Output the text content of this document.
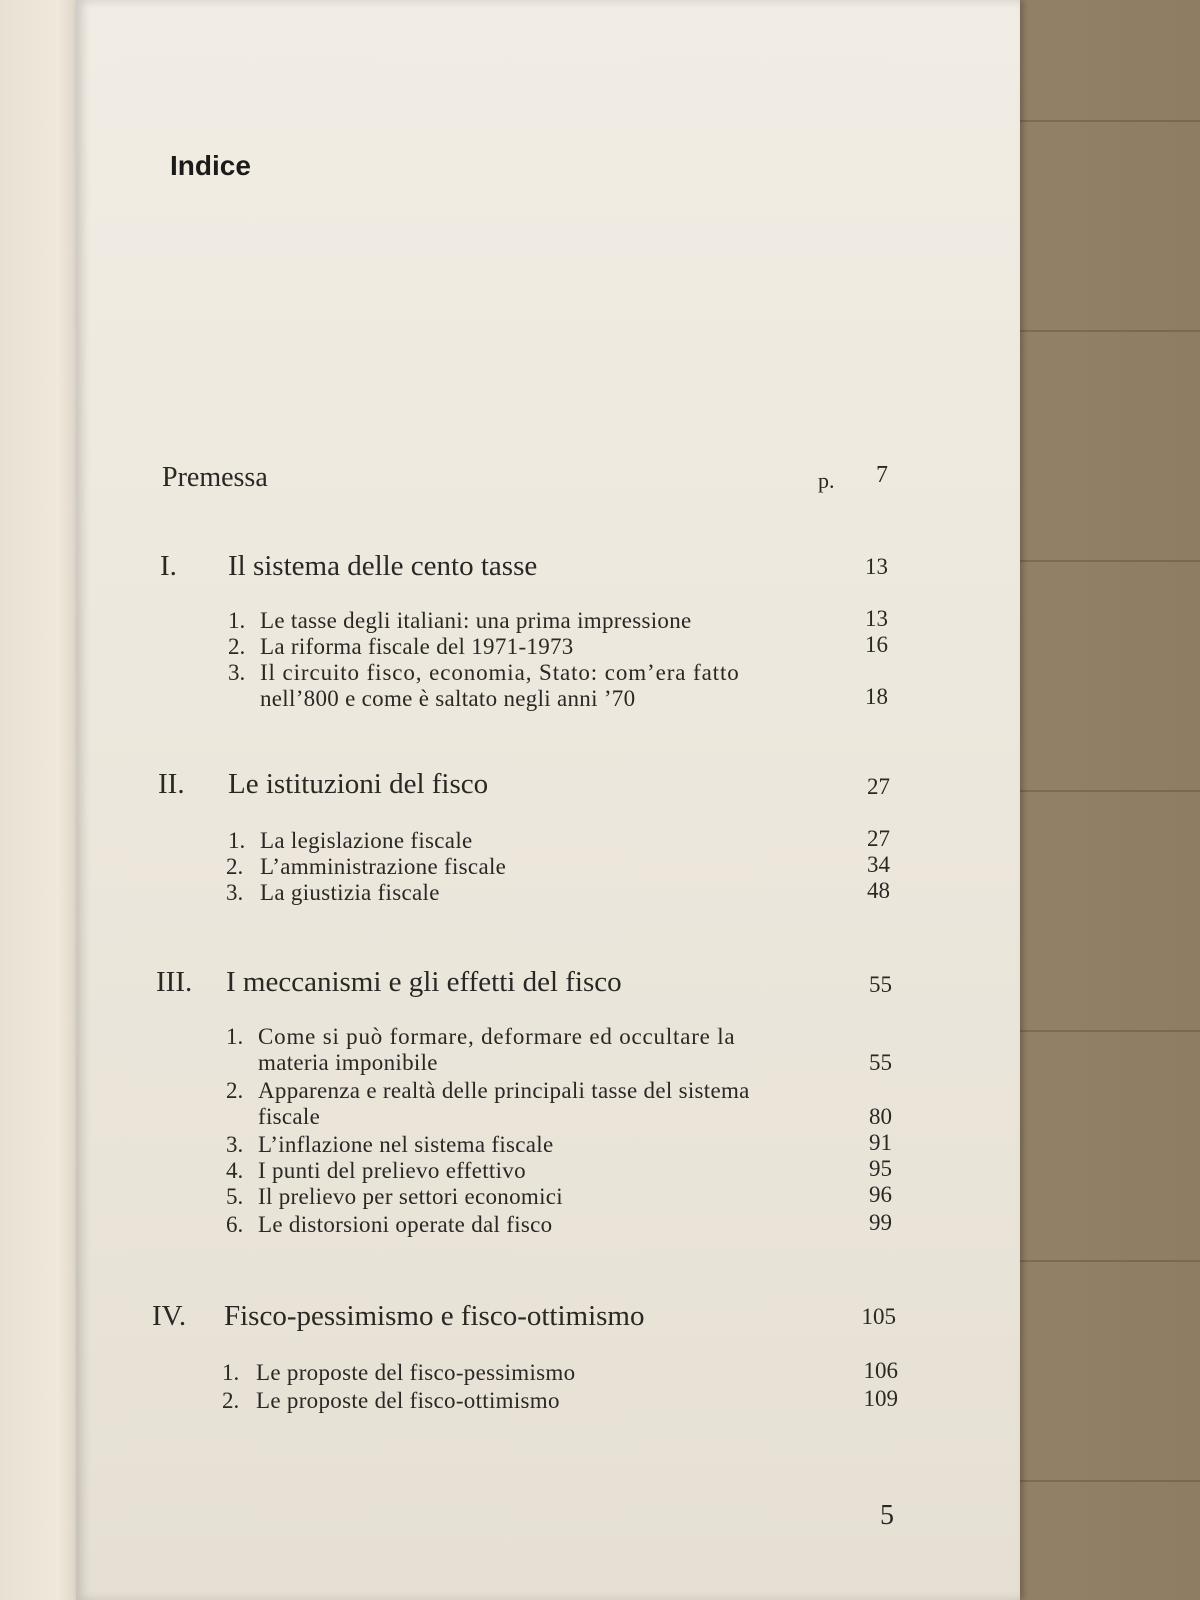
Indice
Premessa	p.	7
I. Il sistema delle cento tasse	13
1. Le tasse degli italiani: una prima impressione	13
2. La riforma fiscale del 1971-1973	16
3. Il circuito fisco, economia, Stato: com’era fatto
nell’800 e come è saltato negli anni ’70	18
II. Le istituzioni del fisco	27
1. La legislazione fiscale	27
2. L’amministrazione fiscale	34
3. La giustizia fiscale	48
III. I meccanismi e gli effetti del fisco	55
1. Come si può formare, deformare ed occultare la
materia imponibile	55
2. Apparenza e realtà delle principali tasse del sistema
fiscale	80
3. L’inflazione nel sistema fiscale	91
4. I punti del prelievo effettivo	95
5. Il prelievo per settori economici	96
6. Le distorsioni operate dal fisco	99
IV. Fisco-pessimismo e fisco-ottimismo	105
1. Le proposte del fisco-pessimismo	106
2. Le proposte del fisco-ottimismo	109
5
